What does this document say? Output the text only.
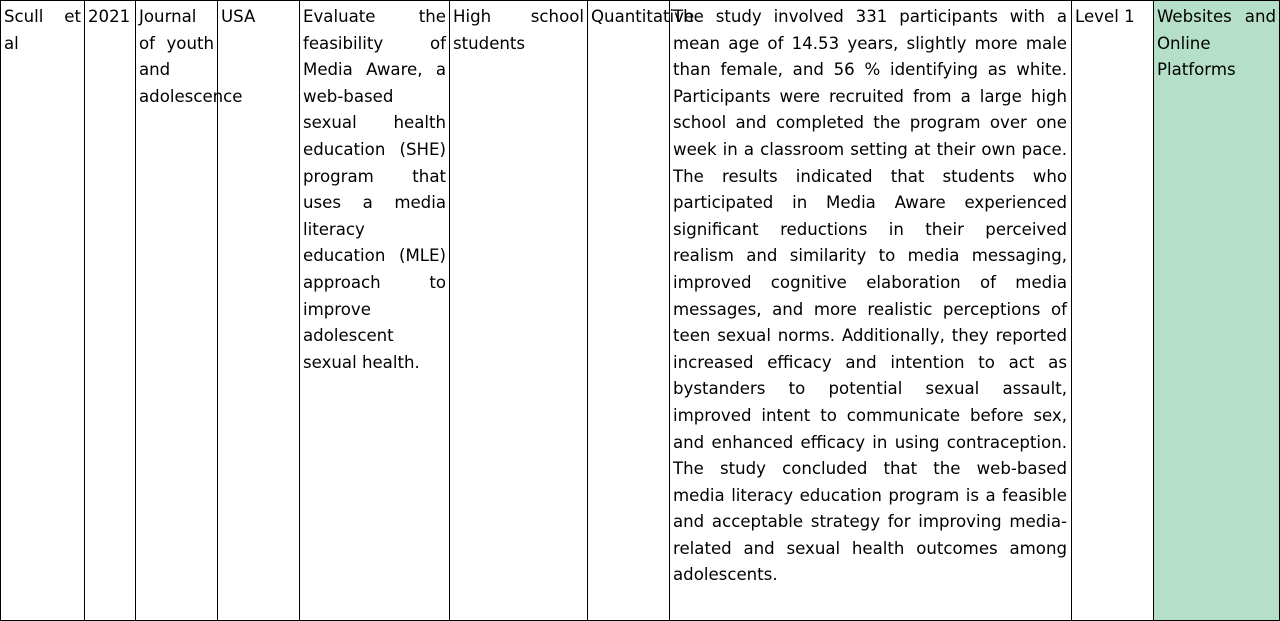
Scull et al
2021 Journal of youth and adolescence
USA	Evaluate the feasibility of Media Aware, a web-based sexual health education (SHE) program that uses a media literacy education (MLE) approach to improve adolescent sexual health.
High school students
Quantitative
The study involved 331 participants with a mean age of 14.53 years, slightly more male than female, and 56 % identifying as white. Participants were recruited from a large high school and completed the program over one week in a classroom setting at their own pace. The results indicated that students who participated in Media Aware experienced significant reductions in their perceived realism and similarity to media messaging, improved cognitive elaboration of media messages, and more realistic perceptions of teen sexual norms. Additionally, they reported increased efficacy and intention to act as bystanders to potential sexual assault, improved intent to communicate before sex, and enhanced efficacy in using contraception. The study concluded that the web-based media literacy education program is a feasible and acceptable strategy for improving media-related and sexual health outcomes among adolescents.
Level 1	Websites and Online Platforms
